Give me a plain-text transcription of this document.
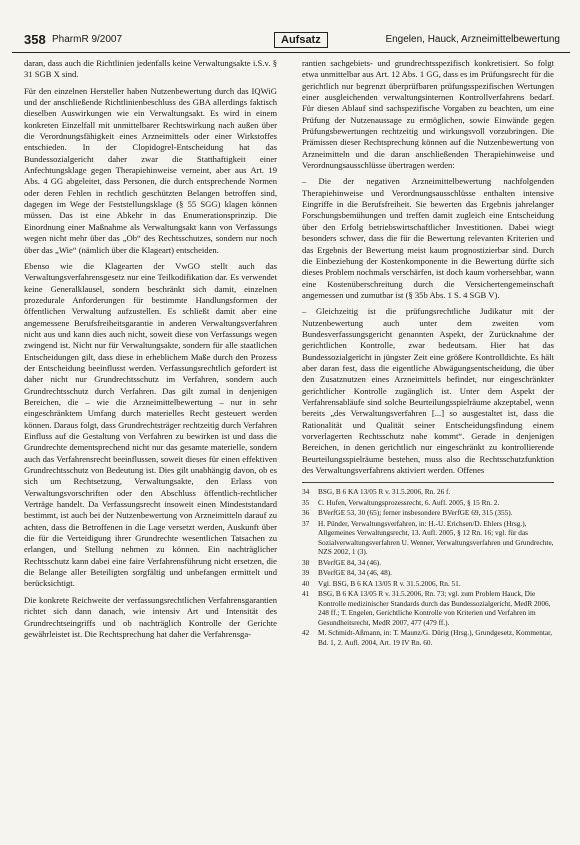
358 PharmR 9/2007	Aufsatz	Engelen, Hauck, Arzneimittelbewertung

daran, dass auch die Richtlinien jedenfalls keine Verwaltungsakte i.S.v. § 31 SGB X sind.

Für den einzelnen Hersteller haben Nutzenbewertung durch das IQWiG und der anschließende Richtlinienbeschluss des GBA allerdings faktisch dieselben Auswirkungen wie ein Verwaltungsakt. Es wird in einem konkreten Einzelfall mit unmittelbarer Rechtswirkung nach außen über die Verordnungsfähigkeit eines Arzneimittels oder einer Wirkstoffes entschieden. In der Clopidogrel-Entscheidung hat das Bundessozialgericht daher zwar die Statthaftigkeit einer Anfechtungsklage gegen Therapiehinweise verneint, aber aus Art. 19 Abs. 4 GG abgeleitet, dass Personen, die durch entsprechende Normen oder deren Fehlen in rechtlich geschützten Belangen betroffen sind, dagegen im Wege der Feststellungsklage (§ 55 SGG) klagen können müssen. Das ist eine Abkehr in das Enumerationsprinzip. Die Einordnung einer Maßnahme als Verwaltungsakt kann von Verfassungs wegen nicht mehr über das „Ob“ des Rechtsschutzes, sondern nur noch über das „Wie“ (nämlich über die Klageart) entscheiden.

Ebenso wie die Klagearten der VwGO stellt auch das Verwaltungsverfahrensgesetz nur eine Teilkodifikation dar. Es verwendet keine Generalklausel, sondern beschränkt sich damit, einzelnen prozedurale Anforderungen für bestimmte Handlungsformen der öffentlichen Verwaltung aufzustellen. Es schließt damit aber eine angemessene Berufsfreiheitsgarantie in anderen Verwaltungsverfahren nicht aus und kann dies auch nicht, soweit diese von Verfassungs wegen zwingend ist. Nicht nur für Verwaltungsakte, sondern für alle staatlichen Entscheidungen gilt, dass diese in erheblichem Maße durch den Prozess der Entscheidung beeinflusst werden. Verfassungsrechtlich gefordert ist daher nicht nur Grundrechtsschutz im Verfahren, sondern auch Grundrechtsschutz durch Verfahren. Das gilt zumal in denjenigen Bereichen, die – wie die Arzneimittelbewertung – nur in sehr eingeschränktem Umfang durch materielles Recht gesteuert werden können. Daraus folgt, dass Grundrechtsträger rechtzeitig durch Verfahren Einfluss auf die Gestaltung von Verfahren zu bewirken ist und dass die Grundrechte dementsprechend nicht nur das gesamte materielle, sondern auch das Verfahrensrecht beeinflussen, soweit dieses für einen effektiven Grundrechtsschutz von Bedeutung ist. Dies gilt unabhängig davon, ob es sich um Rechtsetzung, Verwaltungsakte, den Erlass von Verwaltungsvorschriften oder den Abschluss öffentlich-rechtlicher Verträge handelt. Da Verfassungsrecht insoweit einen Mindeststandard bestimmt, ist auch bei der Nutzenbewertung von Arzneimitteln darauf zu achten, dass die Betroffenen in die Lage versetzt werden, Auskunft über die für die Verteidigung ihrer Grundrechte wesentlichen Tatsachen zu erlangen, und Stellung nehmen zu können. Ein nachträglicher Rechtsschutz kann dabei eine faire Verfahrensführung nicht ersetzen, die die Belange aller Beteiligten sorgfältig und unbefangen ermittelt und berücksichtigt.

Die konkrete Reichweite der verfassungsrechtlichen Verfahrensgarantien richtet sich dann danach, wie intensiv Art und Intensität des Grundrechtseingriffs und ob nachträglich Kontrolle der Gerichte gewährleistet ist. Die Rechtsprechung hat daher die Verfahrensga-

rantien sachgebiets- und grundrechtsspezifisch konkretisiert. So folgt etwa unmittelbar aus Art. 12 Abs. 1 GG, dass es im Prüfungsrecht für die gerichtlich nur begrenzt überprüfbaren prüfungsspezifischen Wertungen einer ausgleichenden verwaltungsinternen Kontrollverfahrens bedarf. Für diesen Ablauf sind sachspezifische Vorgaben zu beachten, um eine Prüfung der Nutzenaussage zu ermöglichen, sowie Einwände gegen Prüfungsbewertungen rechtzeitig und wirkungsvoll vorzubringen. Die Prämissen dieser Rechtsprechung können auf die Nutzenbewertung von Arzneimitteln und die daran anschließenden Therapiehinweise und Verordnungsausschlüsse übertragen werden:

– Die der negativen Arzneimittelbewertung nachfolgenden Therapiehinweise und Verordnungsausschlüsse enthalten intensive Eingriffe in die Berufsfreiheit. Sie bewerten das Ergebnis jahrelanger Forschungsbemühungen und treffen damit zugleich eine Entscheidung über den Erfolg betriebswirtschaftlicher Investitionen. Dabei wiegt besonders schwer, dass die für die Bewertung relevanten Kriterien und das Ergebnis der Bewertung meist kaum prognostizierbar sind. Durch die Einbeziehung der Kostenkomponente in die Bewertung dürfte sich dieses Problem nochmals verschärfen, ist doch kaum vorhersehbar, wann eine Kostenüberschreitung durch die Versichertengemeinschaft angemessen und zumutbar ist (§ 35b Abs. 1 S. 4 SGB V).

– Gleichzeitig ist die prüfungsrechtliche Judikatur mit der Nutzenbewertung auch unter dem zweiten vom Bundesverfassungsgericht genannten Aspekt, der Zurücknahme der gerichtlichen Kontrolle, zwar bedeutsam. Hier hat das Bundessozialgericht in jüngster Zeit eine größere Kontrolldichte. Es hält aber daran fest, dass die eigentliche Abwägungsentscheidung, die über den Zusatznutzen eines Arzneimittels befindet, nur eingeschränkter gerichtlicher Kontrolle zugänglich ist. Unter dem Aspekt der Verfahrensabläufe sind solche Beurteilungsspielräume akzeptabel, wenn bereits „des Verwaltungsverfahren [...] so ausgestaltet ist, dass die Rationalität und Qualität seiner Entscheidungsfindung einem vorverlagerten Rechtsschutz nahe kommt“. Gerade in denjenigen Bereichen, in denen gerichtlich nur eingeschränkt zu kontrollierende Beurteilungsspielräume bestehen, muss also die Rechtsschutzfunktion des Verwaltungsverfahrens aktiviert werden. Offenes

34	BSG, B 6 KA 13/05 R v. 31.5.2006, Rn. 26 f.
35	C. Hufen, Verwaltungsprozessrecht, 6. Aufl. 2005, § 15 Rn. 2.
36	BVerfGE 53, 30 (65); ferner insbesondere BVerfGE 69, 315 (355).
37	H. Pünder, Verwaltungsverfahren, in: H.-U. Erichsen/D. Ehlers (Hrsg.), Allgemeines Verwaltungsrecht, 13. Aufl. 2005, § 12 Rn. 16; vgl. für das Sozialverwaltungsverfahren U. Wenner, Verwaltungsverfahren und Grundrechte, NZS 2002, 1 (3).
38	BVerfGE 84, 34 (46).
39	BVerfGE 84, 34 (46, 48).
40	Vgl. BSG, B 6 KA 13/05 R v. 31.5.2006, Rn. 51.
41	BSG, B 6 KA 13/05 R v. 31.5.2006, Rn. 73; vgl. zum Problem Hauck, Die Kontrolle medizinischer Standards durch das Bundessozialgericht, MedR 2006, 248 ff.; T. Engelen, Gerichtliche Kontrolle von Kriterien und Verfahren im Gesundheitsrecht, MedR 2007, 477 (479 ff.).
42	M. Schmidt-Aßmann, in: T. Maunz/G. Dürig (Hrsg.), Grundgesetz, Kommentar, Bd. 1, 2. Aufl. 2004, Art. 19 IV Rn. 60.
